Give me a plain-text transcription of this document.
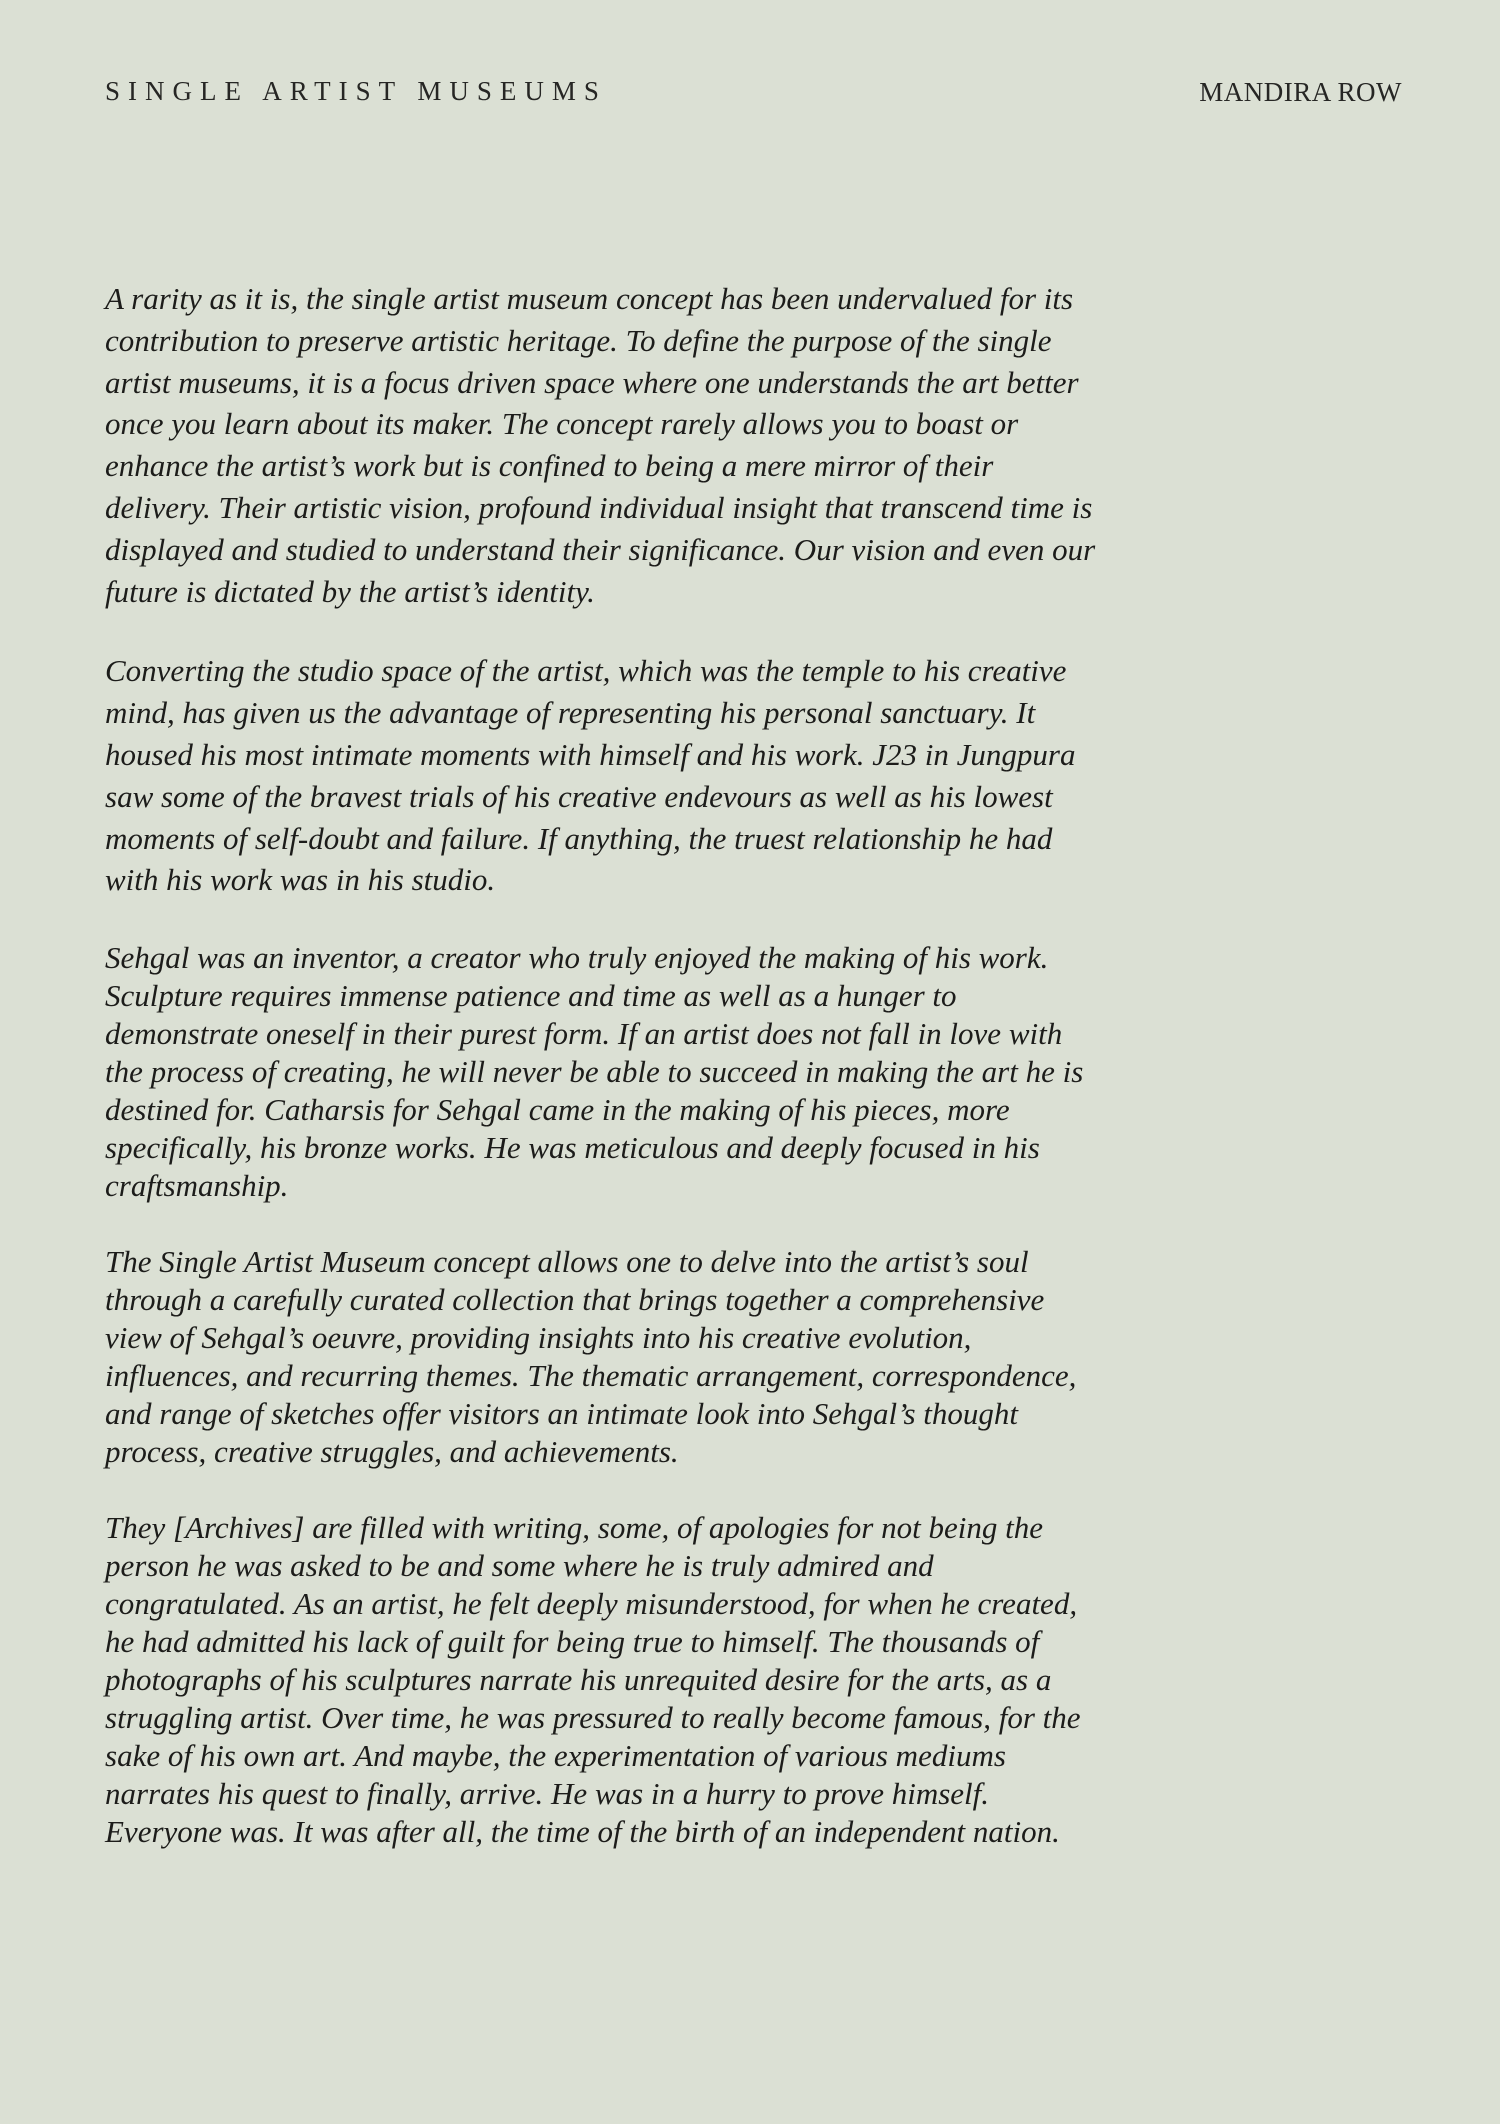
SINGLE ARTIST MUSEUMS	MANDIRA ROW

A rarity as it is, the single artist museum concept has been undervalued for its contribution to preserve artistic heritage. To define the purpose of the single artist museums, it is a focus driven space where one understands the art better once you learn about its maker. The concept rarely allows you to boast or enhance the artist’s work but is confined to being a mere mirror of their delivery. Their artistic vision, profound individual insight that transcend time is displayed and studied to understand their significance. Our vision and even our future is dictated by the artist’s identity.

Converting the studio space of the artist, which was the temple to his creative mind, has given us the advantage of representing his personal sanctuary. It housed his most intimate moments with himself and his work. J23 in Jungpura saw some of the bravest trials of his creative endevours as well as his lowest moments of self-doubt and failure. If anything, the truest relationship he had with his work was in his studio.

Sehgal was an inventor, a creator who truly enjoyed the making of his work. Sculpture requires immense patience and time as well as a hunger to demonstrate oneself in their purest form. If an artist does not fall in love with the process of creating, he will never be able to succeed in making the art he is destined for. Catharsis for Sehgal came in the making of his pieces, more specifically, his bronze works. He was meticulous and deeply focused in his craftsmanship.

The Single Artist Museum concept allows one to delve into the artist’s soul through a carefully curated collection that brings together a comprehensive view of Sehgal’s oeuvre, providing insights into his creative evolution, influences, and recurring themes. The thematic arrangement, correspondence, and range of sketches offer visitors an intimate look into Sehgal’s thought process, creative struggles, and achievements.

They [Archives] are filled with writing, some, of apologies for not being the person he was asked to be and some where he is truly admired and congratulated. As an artist, he felt deeply misunderstood, for when he created, he had admitted his lack of guilt for being true to himself. The thousands of photographs of his sculptures narrate his unrequited desire for the arts, as a struggling artist. Over time, he was pressured to really become famous, for the sake of his own art. And maybe, the experimentation of various mediums narrates his quest to finally, arrive. He was in a hurry to prove himself. Everyone was. It was after all, the time of the birth of an independent nation.
